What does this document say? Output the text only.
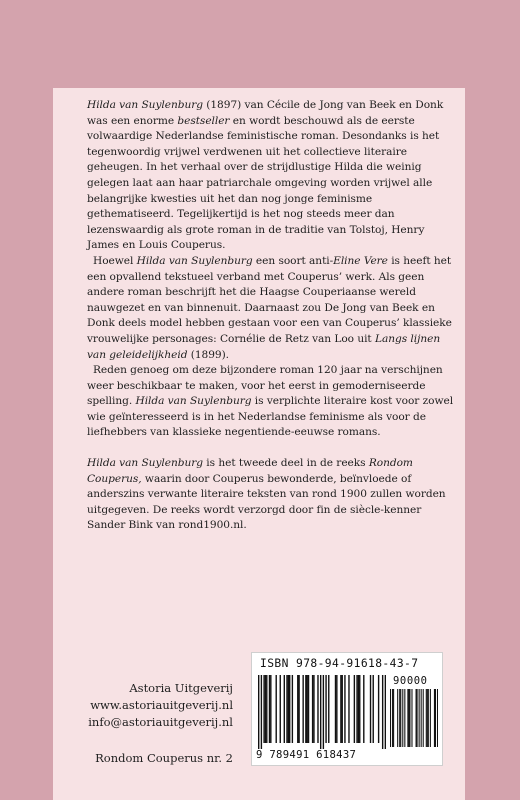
Hilda van Suylenburg (1897) van Cécile de Jong van Beek en Donk was een enorme bestseller en wordt beschouwd als de eerste volwaardige Nederlandse feministische roman. Desondanks is het tegenwoordig vrijwel verdwenen uit het collectieve literaire geheugen. In het verhaal over de strijdlustige Hilda die weinig gelegen laat aan haar patriarchale omgeving worden vrijwel alle belangrijke kwesties uit het dan nog jonge feminisme gethematiseerd. Tegelijkertijd is het nog steeds meer dan lezenswaardig als grote roman in de traditie van Tolstoj, Henry James en Louis Couperus.

Hoewel Hilda van Suylenburg een soort anti-Eline Vere is heeft het een opvallend tekstueel verband met Couperus’ werk. Als geen andere roman beschrijft het die Haagse Couperiaanse wereld nauwgezet en van binnenuit. Daarnaast zou De Jong van Beek en Donk deels model hebben gestaan voor een van Couperus’ klassieke vrouwelijke personages: Cornélie de Retz van Loo uit Langs lijnen van geleidelijkheid (1899).

Reden genoeg om deze bijzondere roman 120 jaar na verschijnen weer beschikbaar te maken, voor het eerst in gemoderniseerde spelling. Hilda van Suylenburg is verplichte literaire kost voor zowel wie geïnteresseerd is in het Nederlandse feminisme als voor de liefhebbers van klassieke negentiende-eeuwse romans.

Hilda van Suylenburg is het tweede deel in de reeks Rondom Couperus, waarin door Couperus bewonderde, beïnvloede of anderszins verwante literaire teksten van rond 1900 zullen worden uitgegeven. De reeks wordt verzorgd door fin de siècle-kenner Sander Bink van rond1900.nl.

Astoria Uitgeverij
www.astoriauitgeverij.nl
info@astoriauitgeverij.nl
Rondom Couperus nr. 2
ISBN 978-94-91618-43-7
90000
9 789491 618437
